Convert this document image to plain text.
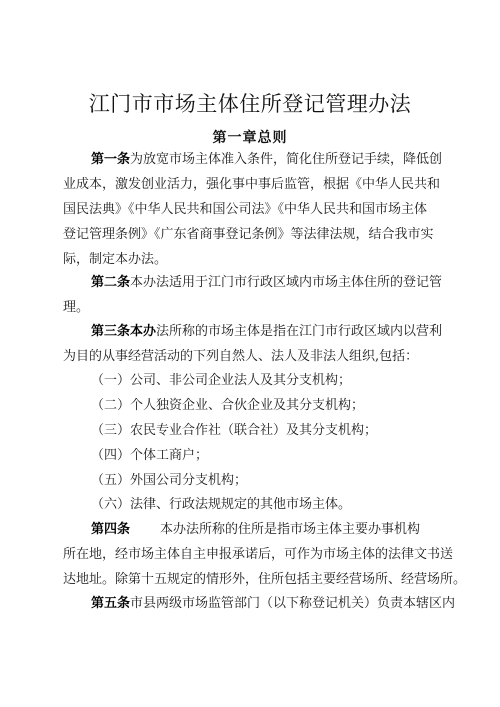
江门市市场主体住所登记管理办法
第一章总则
第一条为放宽市场主体准入条件，简化住所登记手续，降低创
业成本，激发创业活力，强化事中事后监管，根据《中华人民共和
国民法典》《中华人民共和国公司法》《中华人民共和国市场主体
登记管理条例》《广东省商事登记条例》等法律法规，结合我市实
际，制定本办法。
第二条本办法适用于江门市行政区域内市场主体住所的登记管
理。
第三条本办法所称的市场主体是指在江门市行政区域内以营利
为目的从事经营活动的下列自然人、法人及非法人组织,包括：
（一）公司、非公司企业法人及其分支机构；
（二）个人独资企业、合伙企业及其分支机构；
（三）农民专业合作社（联合社）及其分支机构；
（四）个体工商户；
（五）外国公司分支机构；
（六）法律、行政法规规定的其他市场主体。
第四条 本办法所称的住所是指市场主体主要办事机构
所在地，经市场主体自主申报承诺后，可作为市场主体的法律文书送
达地址。除第十五规定的情形外，住所包括主要经营场所、经营场所。
第五条市县两级市场监管部门（以下称登记机关）负责本辖区内
